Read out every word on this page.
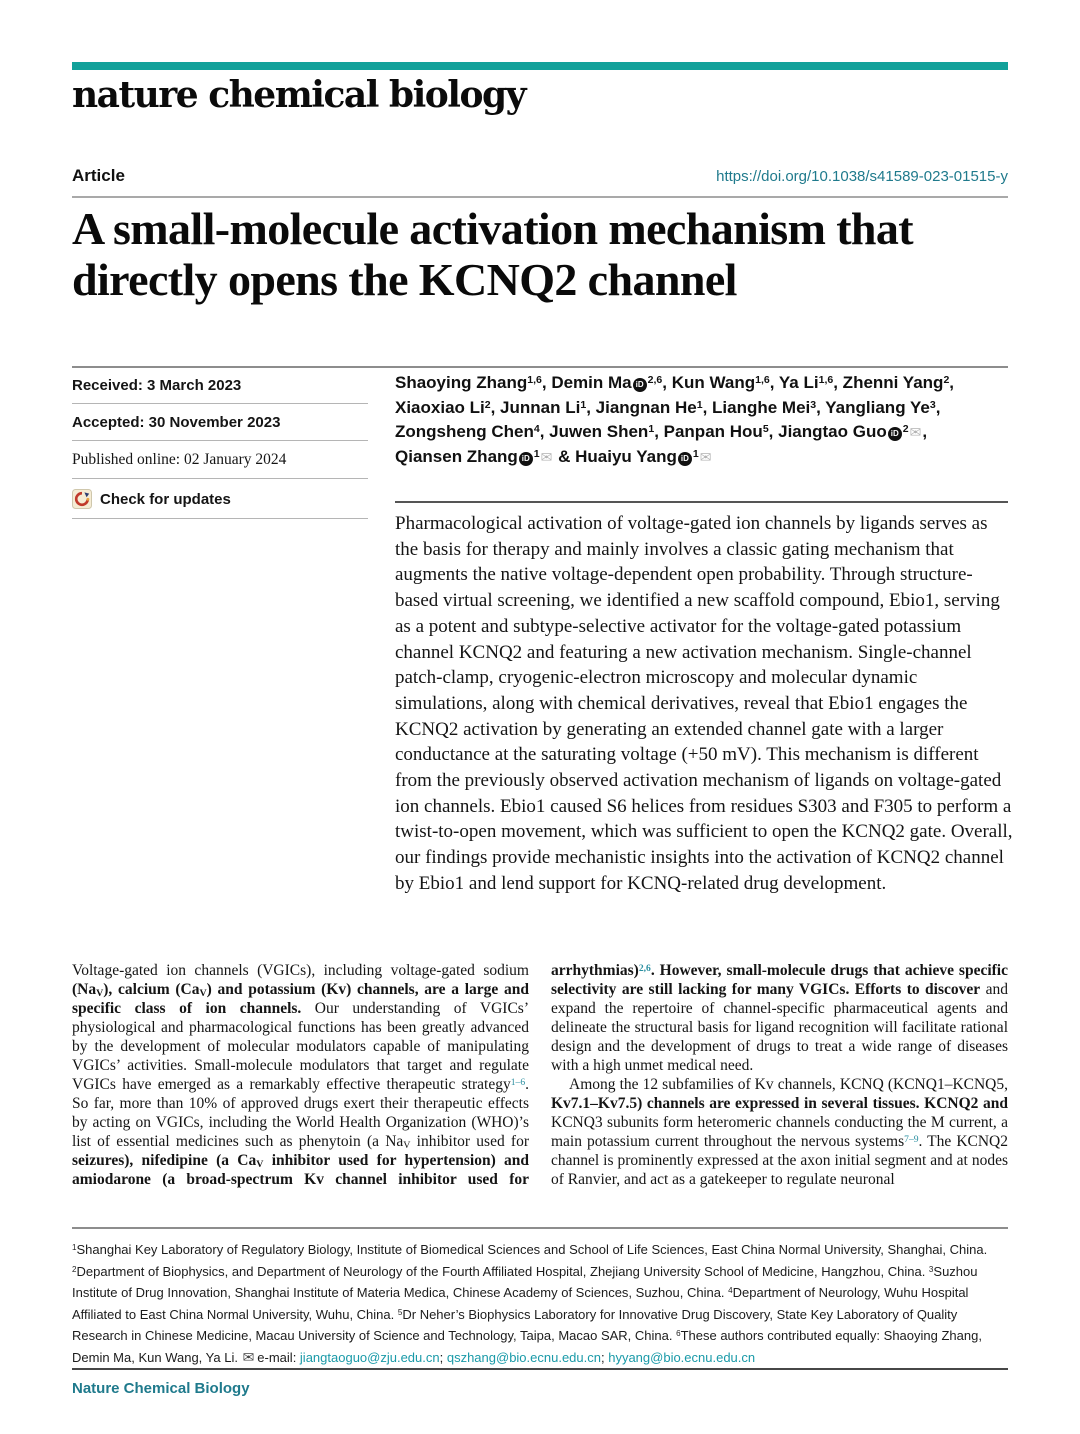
nature chemical biology
Article	https://doi.org/10.1038/s41589-023-01515-y
A small-molecule activation mechanism that directly opens the KCNQ2 channel
Received: 3 March 2023
Accepted: 30 November 2023
Published online: 02 January 2024
Check for updates
Shaoying Zhang$^{1,6}$, Demin Ma iD $^{2,6}$, Kun Wang$^{1,6}$, Ya Li$^{1,6}$, Zhenni Yang$^2$,
Xiaoxiao Li$^2$, Junnan Li$^1$, Jiangnan He$^1$, Lianghe Mei$^3$, Yangliang Ye$^3$,
Zongsheng Chen$^4$, Juwen Shen$^1$, Panpan Hou$^5$, Jiangtao Guo iD $^2$✉,
Qiansen Zhang iD $^1$✉ & Huaiyu Yang iD $^1$✉
Pharmacological activation of voltage-gated ion channels by ligands serves as the basis for therapy and mainly involves a classic gating mechanism that augments the native voltage-dependent open probability. Through structure-based virtual screening, we identified a new scaffold compound, Ebio1, serving as a potent and subtype-selective activator for the voltage-gated potassium channel KCNQ2 and featuring a new activation mechanism. Single-channel patch-clamp, cryogenic-electron microscopy and molecular dynamic simulations, along with chemical derivatives, reveal that Ebio1 engages the KCNQ2 activation by generating an extended channel gate with a larger conductance at the saturating voltage (+50 mV). This mechanism is different from the previously observed activation mechanism of ligands on voltage-gated ion channels. Ebio1 caused S6 helices from residues S303 and F305 to perform a twist-to-open movement, which was sufficient to open the KCNQ2 gate. Overall, our findings provide mechanistic insights into the activation of KCNQ2 channel by Ebio1 and lend support for KCNQ-related drug development.

Voltage-gated ion channels (VGICs), including voltage-gated sodium $(Na_V)$, calcium $(Ca_V)$ and potassium (Kv) channels, are a large and specific class of ion channels. Our understanding of VGICs’ physiological and pharmacological functions has been greatly advanced by the development of molecular modulators capable of manipulating VGICs’ activities. Small-molecule modulators that target and regulate VGICs have emerged as a remarkably effective therapeutic strategy$^{1-6}$. So far, more than 10% of approved drugs exert their therapeutic effects by acting on VGICs, including the World Health Organization (WHO)’s list of essential medicines such as phenytoin (a $Na_V$ inhibitor used for seizures), nifedipine (a $Ca_V$ inhibitor used for hypertension) and amiodarone (a broad-spectrum Kv channel inhibitor used for arrhythmias)$^{2,6}$. However, small-molecule drugs that achieve specific selectivity are still lacking for many VGICs. Efforts to discover and expand the repertoire of channel-specific pharmaceutical agents and delineate the structural basis for ligand recognition will facilitate rational design and the development of drugs to treat a wide range of diseases with a high unmet medical need.

Among the 12 subfamilies of Kv channels, KCNQ (KCNQ1–KCNQ5, Kv7.1–Kv7.5) channels are expressed in several tissues. KCNQ2 and KCNQ3 subunits form heteromeric channels conducting the M current, a main potassium current throughout the nervous systems$^{7-9}$. The KCNQ2 channel is prominently expressed at the axon initial segment and at nodes of Ranvier, and act as a gatekeeper to regulate neuronal

$^1$Shanghai Key Laboratory of Regulatory Biology, Institute of Biomedical Sciences and School of Life Sciences, East China Normal University, Shanghai, China. $^2$Department of Biophysics, and Department of Neurology of the Fourth Affiliated Hospital, Zhejiang University School of Medicine, Hangzhou, China. $^3$Suzhou Institute of Drug Innovation, Shanghai Institute of Materia Medica, Chinese Academy of Sciences, Suzhou, China. $^4$Department of Neurology, Wuhu Hospital Affiliated to East China Normal University, Wuhu, China. $^5$Dr Neher’s Biophysics Laboratory for Innovative Drug Discovery, State Key Laboratory of Quality Research in Chinese Medicine, Macau University of Science and Technology, Taipa, Macao SAR, China. $^6$These authors contributed equally: Shaoying Zhang, Demin Ma, Kun Wang, Ya Li. ✉ e-mail: jiangtaoguo@zju.edu.cn; qszhang@bio.ecnu.edu.cn; hyyang@bio.ecnu.edu.cn
Nature Chemical Biology
